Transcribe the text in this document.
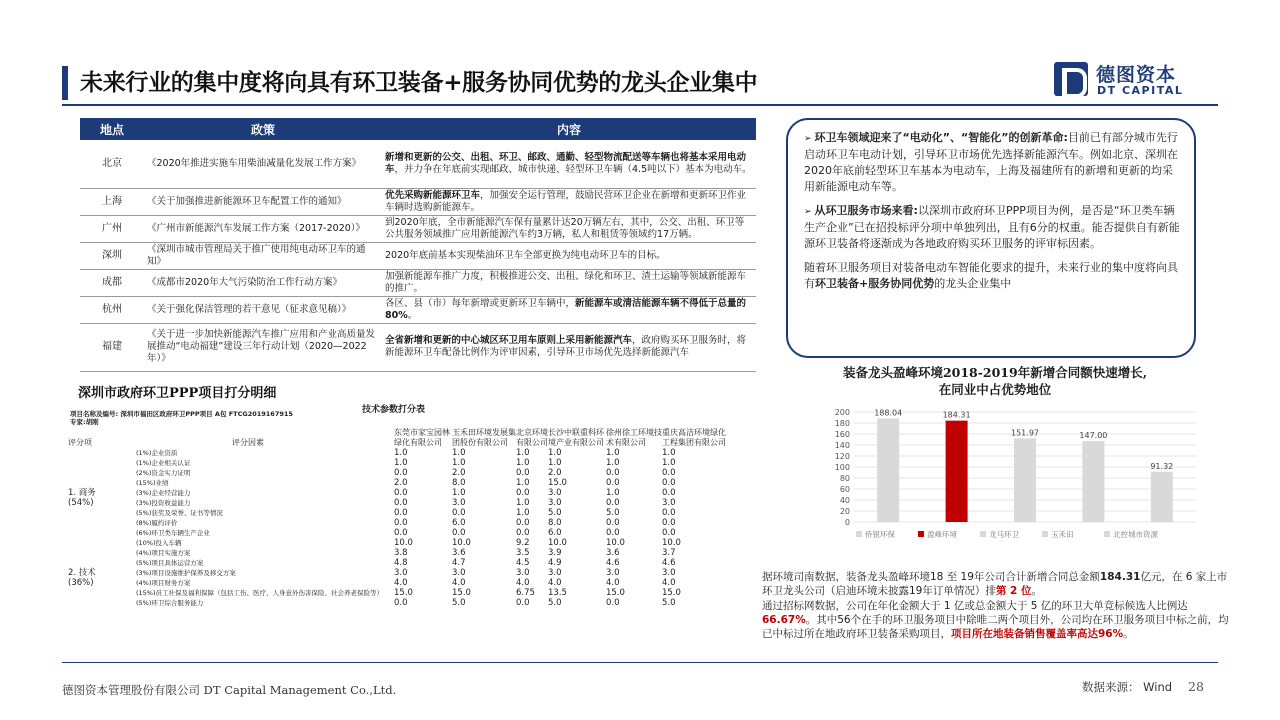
未来行业的集中度将向具有环卫装备+服务协同优势的龙头企业集中	德图资本
DT CAPITAL
地点	政策	内容
北京	《2020年推进实施车用柴油减量化发展工作方案》	新增和更新的公交、出租、环卫、邮政、通勤、轻型物流配送等车辆也将基本采用电动车，并力争在年底前实现邮政、城市快递、轻型环卫车辆（4.5吨以下）基本为电动车。
上海	《关于加强推进新能源环卫车配置工作的通知》	优先采购新能源环卫车，加强安全运行管理，鼓励民营环卫企业在新增和更新环卫作业车辆时选购新能源车。
广州	《广州市新能源汽车发展工作方案（2017-2020）》	到2020年底，全市新能源汽车保有量累计达20万辆左右，其中，公交、出租、环卫等公共服务领域推广应用新能源汽车约3万辆，私人和租赁等领域约17万辆。
深圳	《深圳市城市管理局关于推广使用纯电动环卫车的通知》	2020年底前基本实现柴油环卫车全部更换为纯电动环卫车的目标。
成都	《成都市2020年大气污染防治工作行动方案》	加强新能源车推广力度，积极推进公交、出租、绿化和环卫、渣土运输等领域新能源车的推广。
杭州	《关于强化保洁管理的若干意见（征求意见稿）》	各区、县（市）每年新增或更新环卫车辆中，新能源车或清洁能源车辆不得低于总量的80%。
福建	《关于进一步加快新能源汽车推广应用和产业高质量发展推动“电动福建”建设三年行动计划（2020—2022年）》	全省新增和更新的中心城区环卫用车原则上采用新能源汽车，政府购买环卫服务时，将新能源环卫车配备比例作为评审因素，引导环卫市场优先选择新能源汽车
➢ 环卫车领域迎来了“电动化”、“智能化”的创新革命:目前已有部分城市先行启动环卫车电动计划，引导环卫市场优先选择新能源汽车。例如北京、深圳在2020年底前轻型环卫车基本为电动车，上海及福建所有的新增和更新的均采用新能源电动车等。
➢ 从环卫服务市场来看:以深圳市政府环卫PPP项目为例，是否是“环卫类车辆生产企业”已在招投标评分项中单独列出，且有6分的权重。能否提供自有新能源环卫装备将逐渐成为各地政府购买环卫服务的评审标因素。
随着环卫服务项目对装备电动车智能化要求的提升，未来行业的集中度将向具有环卫装备+服务协同优势的龙头企业集中
深圳市政府环卫PPP项目打分明细
技术参数打分表
项目名称及编号: 深圳市福田区政府环卫PPP项目 A包 FTCG2019167915
专家:胡刚
评分项	评分因素	东莞市家宝园林绿化有限公司	玉禾田环境发展集团股份有限公司	北京环境有限公司	长沙中联重科环境产业有限公司	徐州徐工环境技术有限公司	重庆高洁环境绿化工程集团有限公司

1. 商务
(54%)	(1%)企业资质	1.0	1.0	1.0	1.0	1.0	1.0
	(1%)企业相关认证	1.0	1.0	1.0	1.0	1.0	1.0
	(2%)资金实力证明	0.0	2.0	0.0	2.0	0.0	0.0
	(15%)业绩	2.0	8.0	1.0	15.0	0.0	0.0
	(3%)企业经营能力	0.0	1.0	0.0	3.0	1.0	0.0
	(3%)投资收益能力	0.0	3.0	1.0	3.0	0.0	3.0
	(5%)获奖及荣誉、证书等情况	0.0	0.0	1.0	5.0	5.0	0.0
	(8%)履约评价	0.0	6.0	0.0	8.0	0.0	0.0
	(6%)环卫类车辆生产企业	0.0	0.0	0.0	6.0	0.0	0.0
	(10%)投入车辆	10.0	10.0	9.2	10.0	10.0	10.0

2. 技术
(36%)	(4%)项目实施方案	3.8	3.6	3.5	3.9	3.6	3.7
	(5%)项目具体运营方案	4.8	4.7	4.5	4.9	4.6	4.6
	(3%)项目设施维护保养及移交方案	3.0	3.0	3.0	3.0	3.0	3.0
	(4%)项目财务方案	4.0	4.0	4.0	4.0	4.0	4.0
	(15%)员工社保及福利保障（包括工伤、医疗、人身意外伤害保险、社会养老保险等）	15.0	15.0	6.75	13.5	15.0	15.0
	(5%)环卫综合服务能力	0.0	5.0	0.0	5.0	0.0	5.0
装备龙头盈峰环境2018-2019年新增合同额快速增长,
在同业中占优势地位
0
20
40
60
80
100
120
140
160
180
200	188.04	184.31
151.97	147.00
91.32
侨银环保	盈峰环境	龙马环卫	玉禾田	北控城市资源

据环境司南数据，装备龙头盈峰环境18 至 19年公司合计新增合同总金额184.31亿元，在 6 家上市环卫龙头公司（启迪环境未披露19年订单情况）排第 2 位。

通过招标网数据，公司在年化金额大于 1 亿或总金额大于 5 亿的环卫大单竞标候选人比例达66.67%。其中56个在手的环卫服务项目中除唯二两个项目外，公司均在环卫服务项目中标之前，均已中标过所在地政府环卫装备采购项目，项目所在地装备销售覆盖率高达96%。

德图资本管理股份有限公司 DT Capital Management Co.,Ltd.	数据来源： Wind 28
